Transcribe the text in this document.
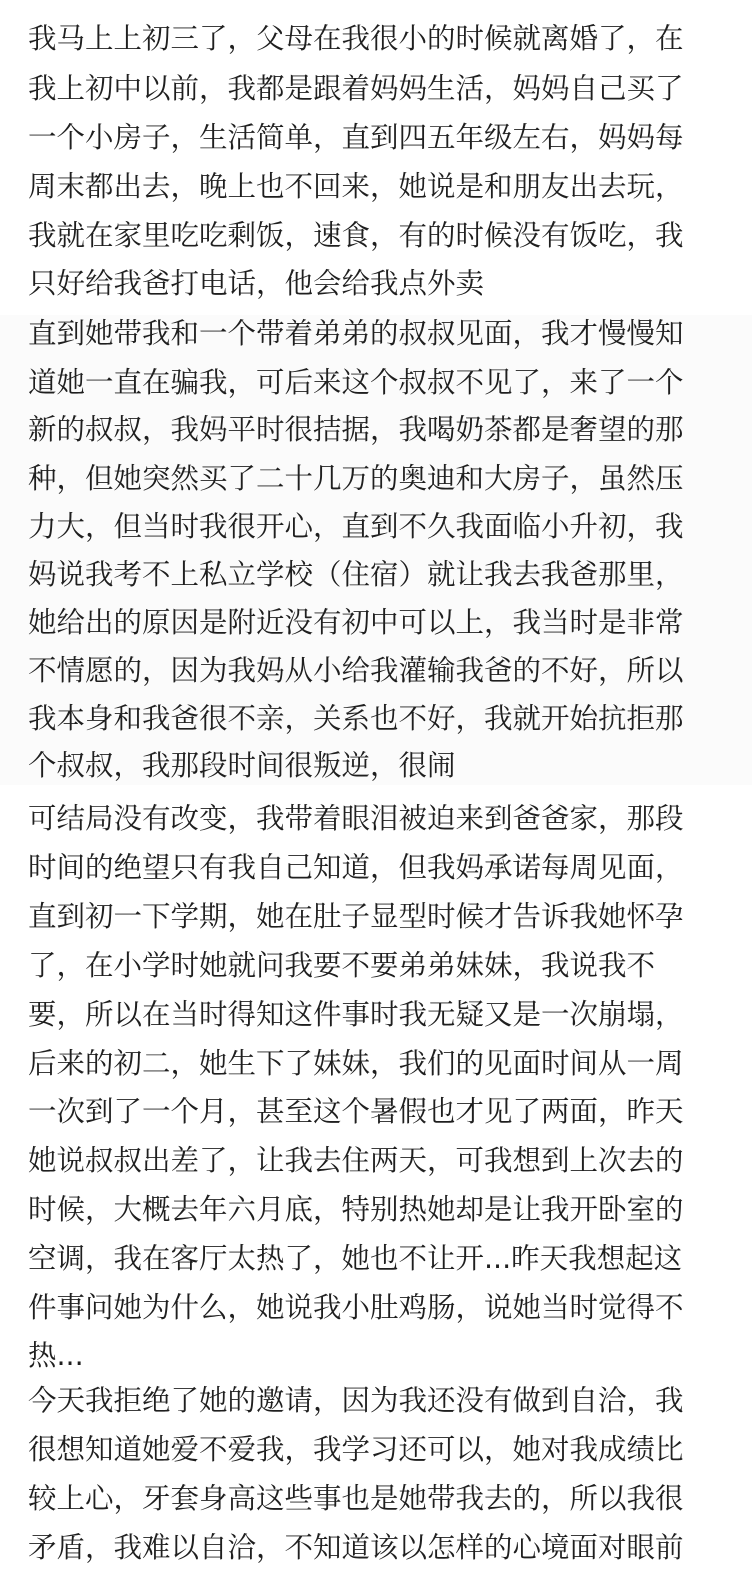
我马上上初三了，父母在我很小的时候就离婚了，在
我上初中以前，我都是跟着妈妈生活，妈妈自己买了
一个小房子，生活简单，直到四五年级左右，妈妈每
周末都出去，晚上也不回来，她说是和朋友出去玩，
我就在家里吃吃剩饭，速食，有的时候没有饭吃，我
只好给我爸打电话，他会给我点外卖
直到她带我和一个带着弟弟的叔叔见面，我才慢慢知
道她一直在骗我，可后来这个叔叔不见了，来了一个
新的叔叔，我妈平时很拮据，我喝奶茶都是奢望的那
种，但她突然买了二十几万的奥迪和大房子，虽然压
力大，但当时我很开心，直到不久我面临小升初，我
妈说我考不上私立学校（住宿）就让我去我爸那里，
她给出的原因是附近没有初中可以上，我当时是非常
不情愿的，因为我妈从小给我灌输我爸的不好，所以
我本身和我爸很不亲，关系也不好，我就开始抗拒那
个叔叔，我那段时间很叛逆，很闹
可结局没有改变，我带着眼泪被迫来到爸爸家，那段
时间的绝望只有我自己知道，但我妈承诺每周见面，
直到初一下学期，她在肚子显型时候才告诉我她怀孕
了，在小学时她就问我要不要弟弟妹妹，我说我不
要，所以在当时得知这件事时我无疑又是一次崩塌，
后来的初二，她生下了妹妹，我们的见面时间从一周
一次到了一个月，甚至这个暑假也才见了两面，昨天
她说叔叔出差了，让我去住两天，可我想到上次去的
时候，大概去年六月底，特别热她却是让我开卧室的
空调，我在客厅太热了，她也不让开...昨天我想起这
件事问她为什么，她说我小肚鸡肠，说她当时觉得不
热...
今天我拒绝了她的邀请，因为我还没有做到自洽，我
很想知道她爱不爱我，我学习还可以，她对我成绩比
较上心，牙套身高这些事也是她带我去的，所以我很
矛盾，我难以自洽，不知道该以怎样的心境面对眼前
